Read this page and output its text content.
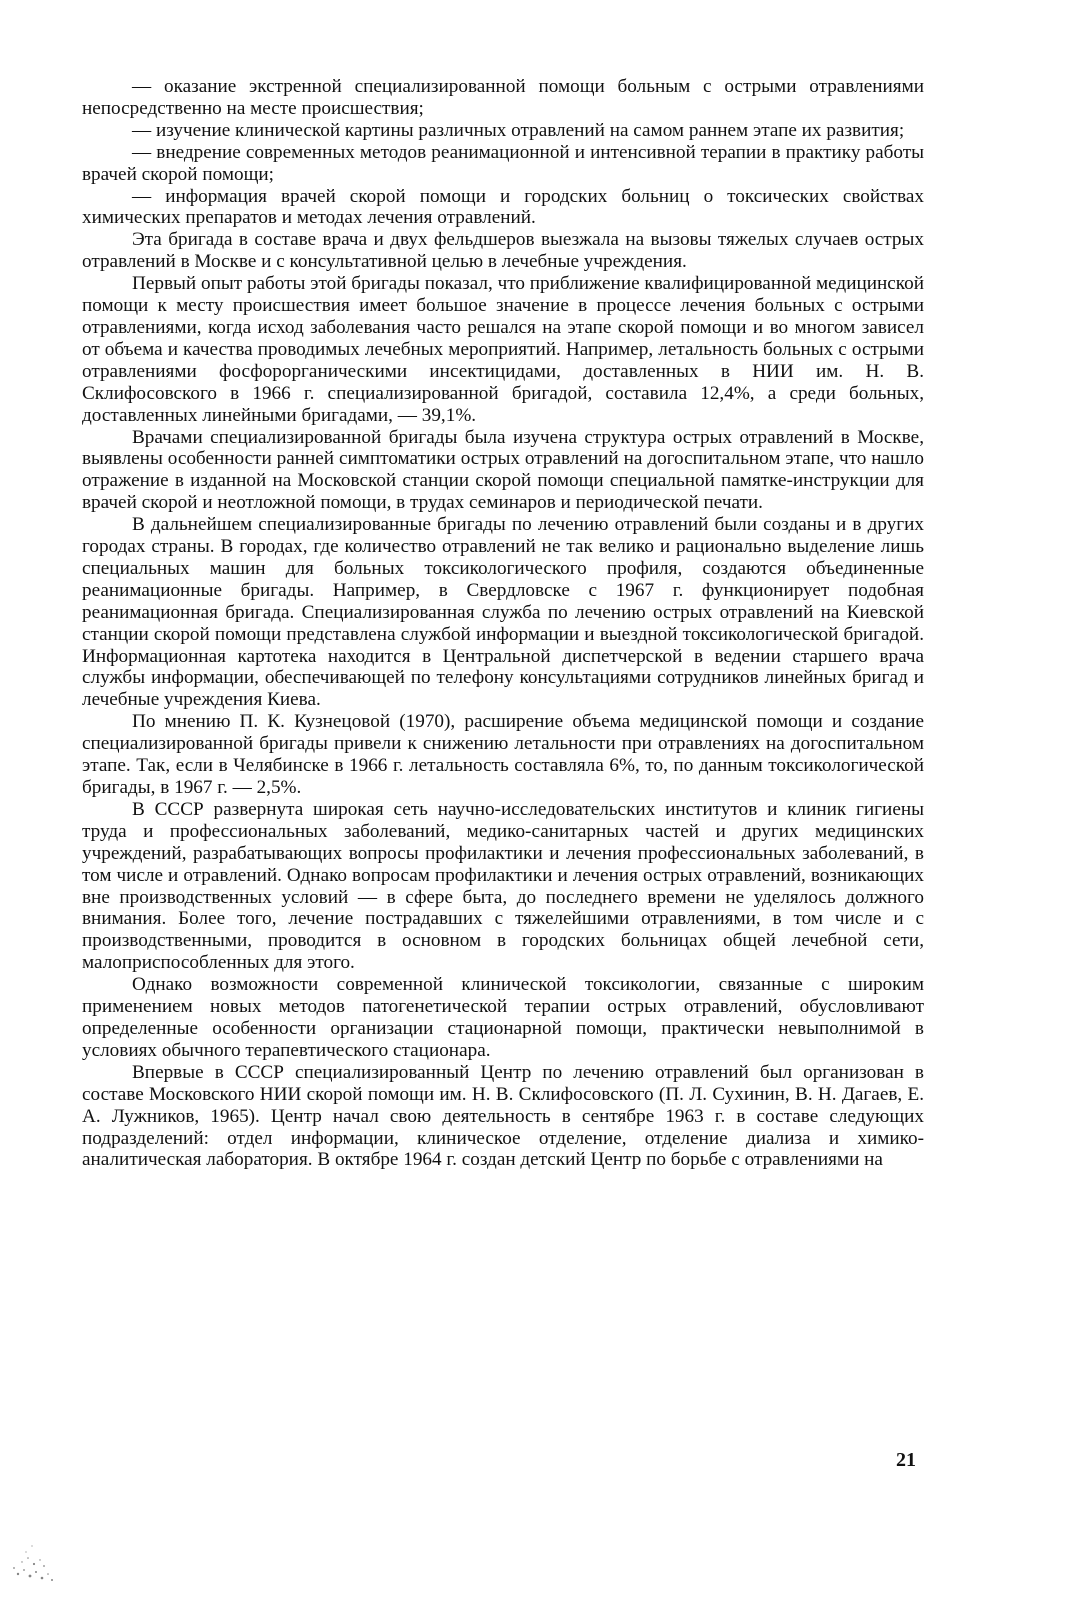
— оказание экстренной специализированной помощи больным с острыми отравлениями непосредственно на месте происшествия;

— изучение клинической картины различных отравлений на самом раннем этапе их развития;

— внедрение современных методов реанимационной и интенсивной терапии в практику работы врачей скорой помощи;

— информация врачей скорой помощи и городских больниц о токсических свойствах химических препаратов и методах лечения отравлений.

Эта бригада в составе врача и двух фельдшеров выезжала на вызовы тяжелых случаев острых отравлений в Москве и с консультативной целью в лечебные учреждения.

Первый опыт работы этой бригады показал, что приближение квалифицированной медицинской помощи к месту происшествия имеет большое значение в процессе лечения больных с острыми отравлениями, когда исход заболевания часто решался на этапе скорой помощи и во многом зависел от объема и качества проводимых лечебных мероприятий. Например, летальность больных с острыми отравлениями фосфорорганическими инсектицидами, доставленных в НИИ им. Н. В. Склифосовского в 1966 г. специализированной бригадой, составила 12,4%, а среди больных, доставленных линейными бригадами, — 39,1%.

Врачами специализированной бригады была изучена структура острых отравлений в Москве, выявлены особенности ранней симптоматики острых отравлений на догоспитальном этапе, что нашло отражение в изданной на Московской станции скорой помощи специальной памятке-инструкции для врачей скорой и неотложной помощи, в трудах семинаров и периодической печати.

В дальнейшем специализированные бригады по лечению отравлений были созданы и в других городах страны. В городах, где количество отравлений не так велико и рационально выделение лишь специальных машин для больных токсикологического профиля, создаются объединенные реанимационные бригады. Например, в Свердловске с 1967 г. функционирует подобная реанимационная бригада. Специализированная служба по лечению острых отравлений на Киевской станции скорой помощи представлена службой информации и выездной токсикологической бригадой. Информационная картотека находится в Центральной диспетчерской в ведении старшего врача службы информации, обеспечивающей по телефону консультациями сотрудников линейных бригад и лечебные учреждения Киева.

По мнению П. К. Кузнецовой (1970), расширение объема медицинской помощи и создание специализированной бригады привели к снижению летальности при отравлениях на догоспитальном этапе. Так, если в Челябинске в 1966 г. летальность составляла 6%, то, по данным токсикологической бригады, в 1967 г. — 2,5%.

В СССР развернута широкая сеть научно-исследовательских институтов и клиник гигиены труда и профессиональных заболеваний, медико-санитарных частей и других медицинских учреждений, разрабатывающих вопросы профилактики и лечения профессиональных заболеваний, в том числе и отравлений. Однако вопросам профилактики и лечения острых отравлений, возникающих вне производственных условий — в сфере быта, до последнего времени не уделялось должного внимания. Более того, лечение пострадавших с тяжелейшими отравлениями, в том числе и с производственными, проводится в основном в городских больницах общей лечебной сети, малоприспособленных для этого.

Однако возможности современной клинической токсикологии, связанные с широким применением новых методов патогенетической терапии острых отравлений, обусловливают определенные особенности организации стационарной помощи, практически невыполнимой в условиях обычного терапевтического стационара.

Впервые в СССР специализированный Центр по лечению отравлений был организован в составе Московского НИИ скорой помощи им. Н. В. Склифосовского (П. Л. Сухинин, В. Н. Дагаев, Е. А. Лужников, 1965). Центр начал свою деятельность в сентябре 1963 г. в составе следующих подразделений: отдел информации, клиническое отделение, отделение диализа и химико-аналитическая лаборатория. В октябре 1964 г. создан детский Центр по борьбе с отравлениями на

21
